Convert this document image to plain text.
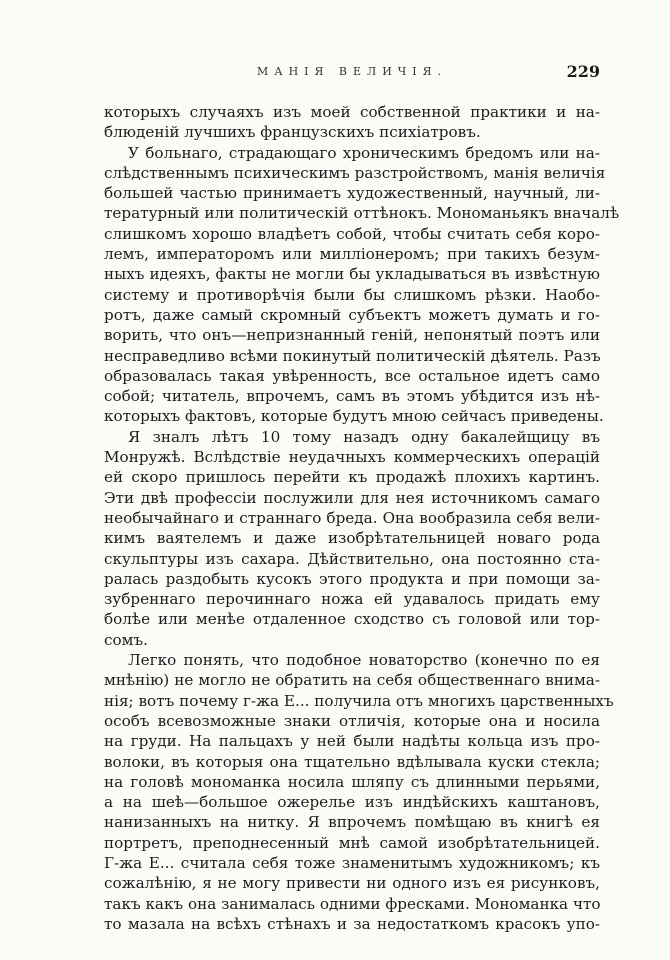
МАНІЯ ВЕЛИЧІЯ.	229

которыхъ случаяхъ изъ моей собственной практики и на-
блюденій лучшихъ французскихъ психіатровъ.

У больнаго, страдающаго хроническимъ бредомъ или на-
слѣдственнымъ психическимъ разстройствомъ, манія величія
большей частью принимаетъ художественный, научный, ли-
тературный или политическій оттѣнокъ. Мономаньякъ вначалѣ
слишкомъ хорошо владѣетъ собой, чтобы считать себя коро-
лемъ, императоромъ или милліонеромъ; при такихъ безум-
ныхъ идеяхъ, факты не могли бы укладываться въ извѣстную
систему и противорѣчія были бы слишкомъ рѣзки. Наобо-
ротъ, даже самый скромный субъектъ можетъ думать и го-
ворить, что онъ—непризнанный геній, непонятый поэтъ или
несправедливо всѣми покинутый политическій дѣятель. Разъ
образовалась такая увѣренность, все остальное идетъ само
собой; читатель, впрочемъ, самъ въ этомъ убѣдится изъ нѣ-
которыхъ фактовъ, которые будутъ мною сейчасъ приведены.

Я зналъ лѣтъ 10 тому назадъ одну бакалейщицу въ
Монружѣ. Вслѣдствіе неудачныхъ коммерческихъ операцій
ей скоро пришлось перейти къ продажѣ плохихъ картинъ.
Эти двѣ профессіи послужили для нея источникомъ самаго
необычайнаго и страннаго бреда. Она вообразила себя вели-
кимъ ваятелемъ и даже изобрѣтательницей новаго рода
скульптуры изъ сахара. Дѣйствительно, она постоянно ста-
ралась раздобыть кусокъ этого продукта и при помощи за-
зубреннаго перочиннаго ножа ей удавалось придать ему
болѣе или менѣе отдаленное сходство съ головой или тор-
сомъ.

Легко понять, что подобное новаторство (конечно по ея
мнѣнію) не могло не обратить на себя общественнаго внима-
нія; вотъ почему г-жа Е... получила отъ многихъ царственныхъ
особъ всевозможные знаки отличія, которые она и носила
на груди. На пальцахъ у ней были надѣты кольца изъ про-
волоки, въ которыя она тщательно вдѣлывала куски стекла;
на головѣ мономанка носила шляпу съ длинными перьями,
а на шеѣ—большое ожерелье изъ индѣйскихъ каштановъ,
нанизанныхъ на нитку. Я впрочемъ помѣщаю въ книгѣ ея
портретъ, преподнесенный мнѣ самой изобрѣтательницей.
Г-жа Е... считала себя тоже знаменитымъ художникомъ; къ
сожалѣнію, я не могу привести ни одного изъ ея рисунковъ,
такъ какъ она занималась одними фресками. Мономанка что
то мазала на всѣхъ стѣнахъ и за недостаткомъ красокъ упо-
